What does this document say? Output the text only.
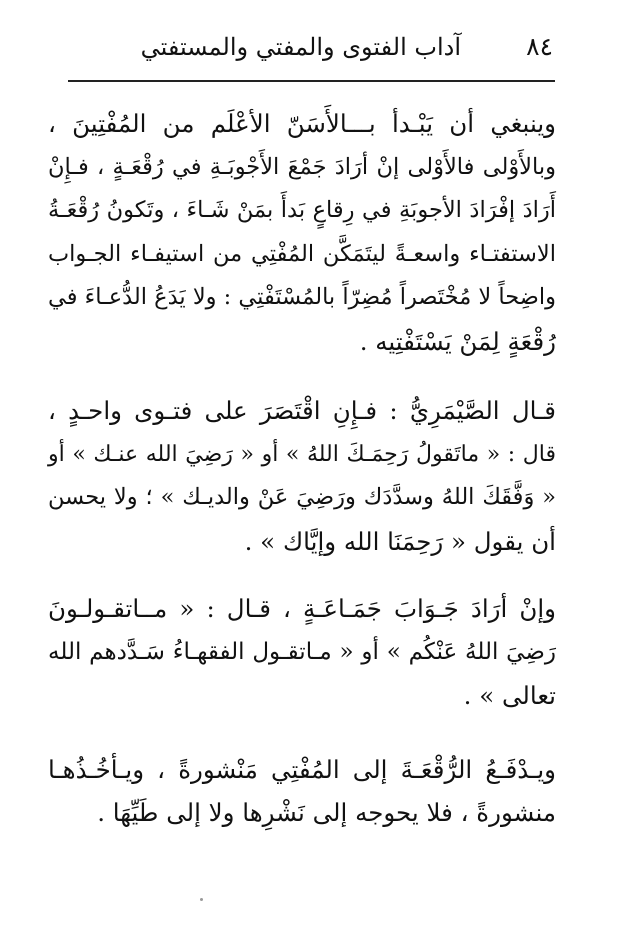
٨٤
آداب الفتوى والمفتي والمستفتي
وينبغي أن يَبْـدأ بـــالأَسَنّ الأعْلَم من المُفْتِينَ ،
وبالأَوْلى فالأَوْلى إنْ أرَادَ جَمْعَ الأَجْوبَـةِ في رُقْعَـةٍ ، فـإِنْ
أَرَادَ إفْرَادَ الأجوبَةِ في رِقاعٍ بَدأَ بمَنْ شَـاءَ ، وتَكونُ رُقْعَـةُ
الاستفتـاء واسعـةً ليتَمَكَّن المُفْتِي من استيفـاء الجـواب
واضِحاً لا مُخْتَصراً مُضِرّاً بالمُسْتَفْتِي : ولا يَدَعُ الدُّعـاءَ في
رُقْعَةٍ لِمَنْ يَسْتَفْتِيه .
قـال الصَّيْمَرِيُّ : فـإِنِ اقْتَصَرَ على فتـوى واحـدٍ ،
قال : « ماتَقولُ رَحِمَـكَ اللهُ » أو « رَضِيَ الله عنـك » أو
« وَفَّقَكَ اللهُ وسدَّدَك ورَضِيَ عَنْ والديـك » ؛ ولا يحسن
أن يقول « رَحِمَنَا الله وإيَّاك » .
وإنْ أرَادَ جَـوَابَ جَمَـاعَـةٍ ، قـال : « مــاتقـولـونَ
رَضِيَ اللهُ عَنْكُم » أو « مـاتقـول الفقهـاءُ سَـدَّدهم الله
تعالى » .
ويـدْفَـعُ الرُّقْعَـةَ إلى المُفْتِي مَنْشورةً ، ويـأخُـذُهـا
منشورةً ، فلا يحوجه إلى نَشْرِها ولا إلى طَيِّهَا .
